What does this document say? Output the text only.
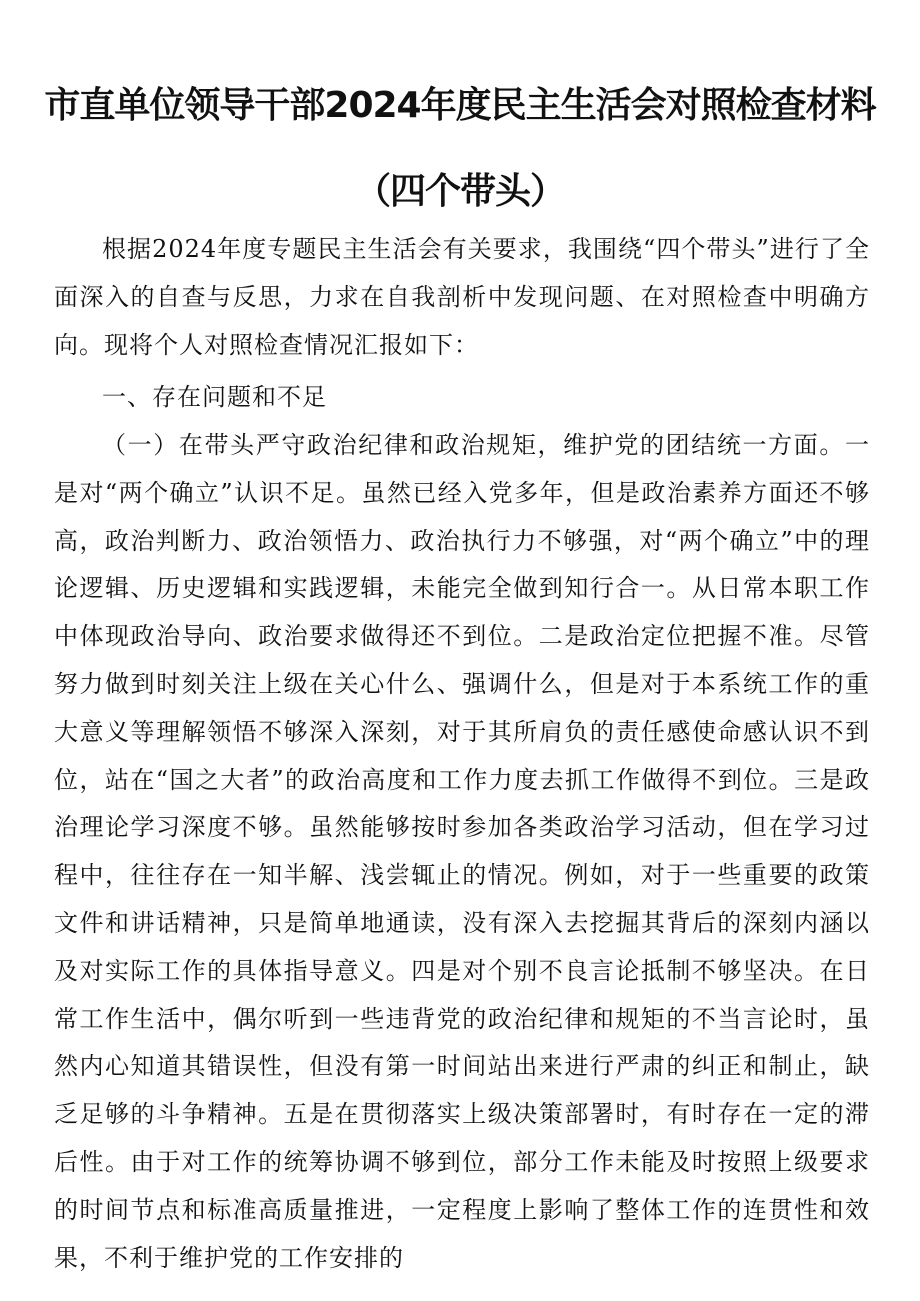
市直单位领导干部2024年度民主生活会对照检查材料
（四个带头）

根据2024年度专题民主生活会有关要求，我围绕“四个带头”进行了全面深入的自查与反思，力求在自我剖析中发现问题、在对照检查中明确方向。现将个人对照检查情况汇报如下：

一、存在问题和不足

（一）在带头严守政治纪律和政治规矩，维护党的团结统一方面。一是对“两个确立”认识不足。虽然已经入党多年，但是政治素养方面还不够高，政治判断力、政治领悟力、政治执行力不够强，对“两个确立”中的理论逻辑、历史逻辑和实践逻辑，未能完全做到知行合一。从日常本职工作中体现政治导向、政治要求做得还不到位。二是政治定位把握不准。尽管努力做到时刻关注上级在关心什么、强调什么，但是对于本系统工作的重大意义等理解领悟不够深入深刻，对于其所肩负的责任感使命感认识不到位，站在“国之大者”的政治高度和工作力度去抓工作做得不到位。三是政治理论学习深度不够。虽然能够按时参加各类政治学习活动，但在学习过程中，往往存在一知半解、浅尝辄止的情况。例如，对于一些重要的政策文件和讲话精神，只是简单地通读，没有深入去挖掘其背后的深刻内涵以及对实际工作的具体指导意义。四是对个别不良言论抵制不够坚决。在日常工作生活中，偶尔听到一些违背党的政治纪律和规矩的不当言论时，虽然内心知道其错误性，但没有第一时间站出来进行严肃的纠正和制止，缺乏足够的斗争精神。五是在贯彻落实上级决策部署时，有时存在一定的滞后性。由于对工作的统筹协调不够到位，部分工作未能及时按照上级要求的时间节点和标准高质量推进，一定程度上影响了整体工作的连贯性和效果，不利于维护党的工作安排的
